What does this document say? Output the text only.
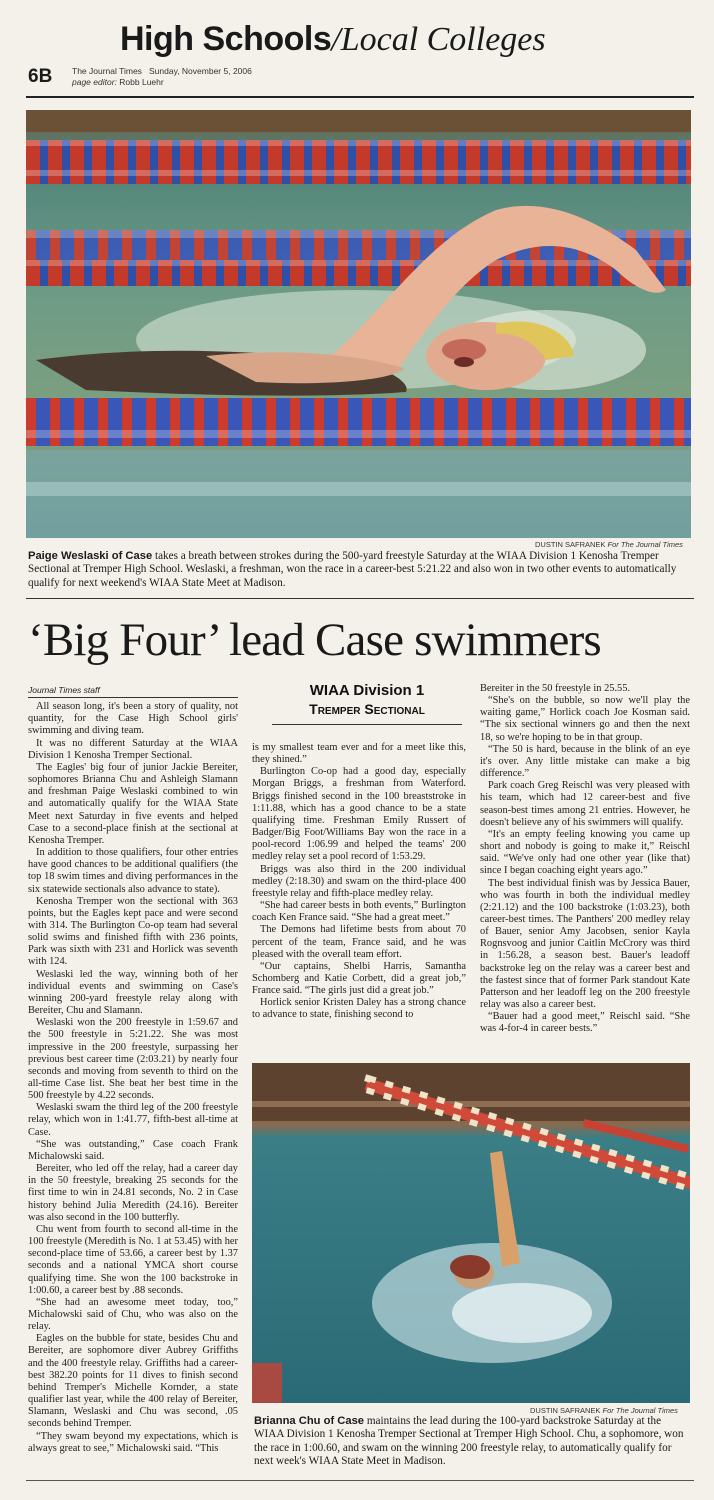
High Schools/Local Colleges
6B The Journal Times   Sunday, November 5, 2006
page editor: Robb Luehr
DUSTIN SAFRANEK For The Journal Times
Paige Weslaski of Case takes a breath between strokes during the 500-yard freestyle Saturday at the WIAA Division 1 Kenosha Tremper Sectional at Tremper High School. Weslaski, a freshman, won the race in a career-best 5:21.22 and also won in two other events to automatically qualify for next weekend's WIAA State Meet at Madison.
‘Big Four’ lead Case swimmers
Journal Times staff

All season long, it's been a story of quality, not quantity, for the Case High School girls' swimming and diving team.

It was no different Saturday at the WIAA Division 1 Kenosha Tremper Sectional.

The Eagles' big four of junior Jackie Bereiter, sophomores Brianna Chu and Ashleigh Slamann and freshman Paige Weslaski combined to win and automatically qualify for the WIAA State Meet next Saturday in five events and helped Case to a second-place finish at the sectional at Kenosha Tremper.

In addition to those qualifiers, four other entries have good chances to be additional qualifiers (the top 18 swim times and diving performances in the six statewide sectionals also advance to state).

Kenosha Tremper won the sectional with 363 points, but the Eagles kept pace and were second with 314. The Burlington Co-op team had several solid swims and finished fifth with 236 points, Park was sixth with 231 and Horlick was seventh with 124.

Weslaski led the way, winning both of her individual events and swimming on Case's winning 200-yard freestyle relay along with Bereiter, Chu and Slamann.

Weslaski won the 200 freestyle in 1:59.67 and the 500 freestyle in 5:21.22. She was most impressive in the 200 freestyle, surpassing her previous best career time (2:03.21) by nearly four seconds and moving from seventh to third on the all-time Case list. She beat her best time in the 500 freestyle by 4.22 seconds.

Weslaski swam the third leg of the 200 freestyle relay, which won in 1:41.77, fifth-best all-time at Case.

“She was outstanding,” Case coach Frank Michalowski said.

Bereiter, who led off the relay, had a career day in the 50 freestyle, breaking 25 seconds for the first time to win in 24.81 seconds, No. 2 in Case history behind Julia Meredith (24.16). Bereiter was also second in the 100 butterfly.

Chu went from fourth to second all-time in the 100 freestyle (Meredith is No. 1 at 53.45) with her second-place time of 53.66, a career best by 1.37 seconds and a national YMCA short course qualifying time. She won the 100 backstroke in 1:00.60, a career best by .88 seconds.

“She had an awesome meet today, too,” Michalowski said of Chu, who was also on the relay.

Eagles on the bubble for state, besides Chu and Bereiter, are sophomore diver Aubrey Griffiths and the 400 freestyle relay. Griffiths had a career-best 382.20 points for 11 dives to finish second behind Tremper's Michelle Kornder, a state qualifier last year, while the 400 relay of Bereiter, Slamann, Weslaski and Chu was second, .05 seconds behind Tremper.

“They swam beyond my expectations, which is always great to see,” Michalowski said. “This

WIAA Division 1
Tremper Sectional

is my smallest team ever and for a meet like this, they shined.”

Burlington Co-op had a good day, especially Morgan Briggs, a freshman from Waterford. Briggs finished second in the 100 breaststroke in 1:11.88, which has a good chance to be a state qualifying time. Freshman Emily Russert of Badger/Big Foot/Williams Bay won the race in a pool-record 1:06.99 and helped the teams' 200 medley relay set a pool record of 1:53.29.

Briggs was also third in the 200 individual medley (2:18.30) and swam on the third-place 400 freestyle relay and fifth-place medley relay.

“She had career bests in both events,” Burlington coach Ken France said. “She had a great meet.”

The Demons had lifetime bests from about 70 percent of the team, France said, and he was pleased with the overall team effort.

“Our captains, Shelbi Harris, Samantha Schomberg and Katie Corbett, did a great job,” France said. “The girls just did a great job.”

Horlick senior Kristen Daley has a strong chance to advance to state, finishing second to

Bereiter in the 50 freestyle in 25.55.

“She's on the bubble, so now we'll play the waiting game,” Horlick coach Joe Kosman said. “The six sectional winners go and then the next 18, so we're hoping to be in that group.

“The 50 is hard, because in the blink of an eye it's over. Any little mistake can make a big difference.”

Park coach Greg Reischl was very pleased with his team, which had 12 career-best and five season-best times among 21 entries. However, he doesn't believe any of his swimmers will qualify.

“It's an empty feeling knowing you came up short and nobody is going to make it,” Reischl said. “We've only had one other year (like that) since I began coaching eight years ago.”

The best individual finish was by Jessica Bauer, who was fourth in both the individual medley (2:21.12) and the 100 backstroke (1:03.23), both career-best times. The Panthers' 200 medley relay of Bauer, senior Amy Jacobsen, senior Kayla Rognsvoog and junior Caitlin McCrory was third in 1:56.28, a season best. Bauer's leadoff backstroke leg on the relay was a career best and the fastest since that of former Park standout Kate Patterson and her leadoff leg on the 200 freestyle relay was also a career best.

“Bauer had a good meet,” Reischl said. “She was 4-for-4 in career bests.”

DUSTIN SAFRANEK For The Journal Times
Brianna Chu of Case maintains the lead during the 100-yard backstroke Saturday at the WIAA Division 1 Kenosha Tremper Sectional at Tremper High School. Chu, a sophomore, won the race in 1:00.60, and swam on the winning 200 freestyle relay, to automatically qualify for next week's WIAA State Meet in Madison.
